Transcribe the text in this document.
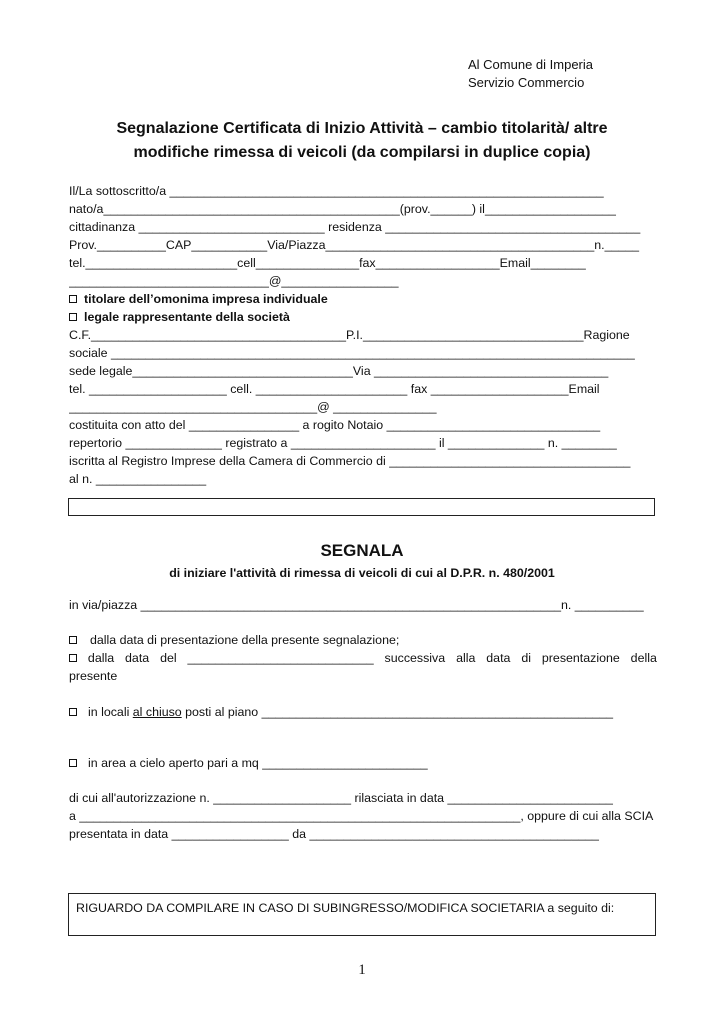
Al Comune di Imperia
Servizio Commercio
Segnalazione Certificata di Inizio Attività – cambio titolarità/ altre
modifiche rimessa di veicoli (da compilarsi in duplice copia)
Il/La sottoscritto/a _______________________________________________________________
nato/a___________________________________________(prov.______) il___________________
cittadinanza ___________________________ residenza _____________________________________
Prov.__________CAP___________Via/Piazza_______________________________________n._____
tel.______________________cell_______________fax__________________Email________
_____________________________@_________________
titolare dell’omonima impresa individuale
legale rappresentante della società
C.F._____________________________________P.I.________________________________Ragione
sociale ____________________________________________________________________________
sede legale________________________________Via __________________________________
tel. ____________________ cell. ______________________ fax ____________________Email
____________________________________@ _______________
costituita con atto del ________________ a rogito Notaio _______________________________
repertorio ______________ registrato a _____________________ il ______________ n. ________
iscritta al Registro Imprese della Camera di Commercio di ___________________________________
al n. ________________
SEGNALA
di iniziare l'attività di rimessa di veicoli di cui al D.P.R. n. 480/2001
in via/piazza _____________________________________________________________n. __________
dalla data di presentazione della presente segnalazione;
dalla data del ___________________________ successiva alla data di presentazione della
presente
in locali al chiuso posti al piano ___________________________________________________
in area a cielo aperto pari a mq ________________________
di cui all'autorizzazione n. ____________________ rilasciata in data ________________________
a ________________________________________________________________, oppure di cui alla SCIA
presentata in data _________________ da __________________________________________
RIGUARDO DA COMPILARE IN CASO DI SUBINGRESSO/MODIFICA SOCIETARIA a seguito di:
1
